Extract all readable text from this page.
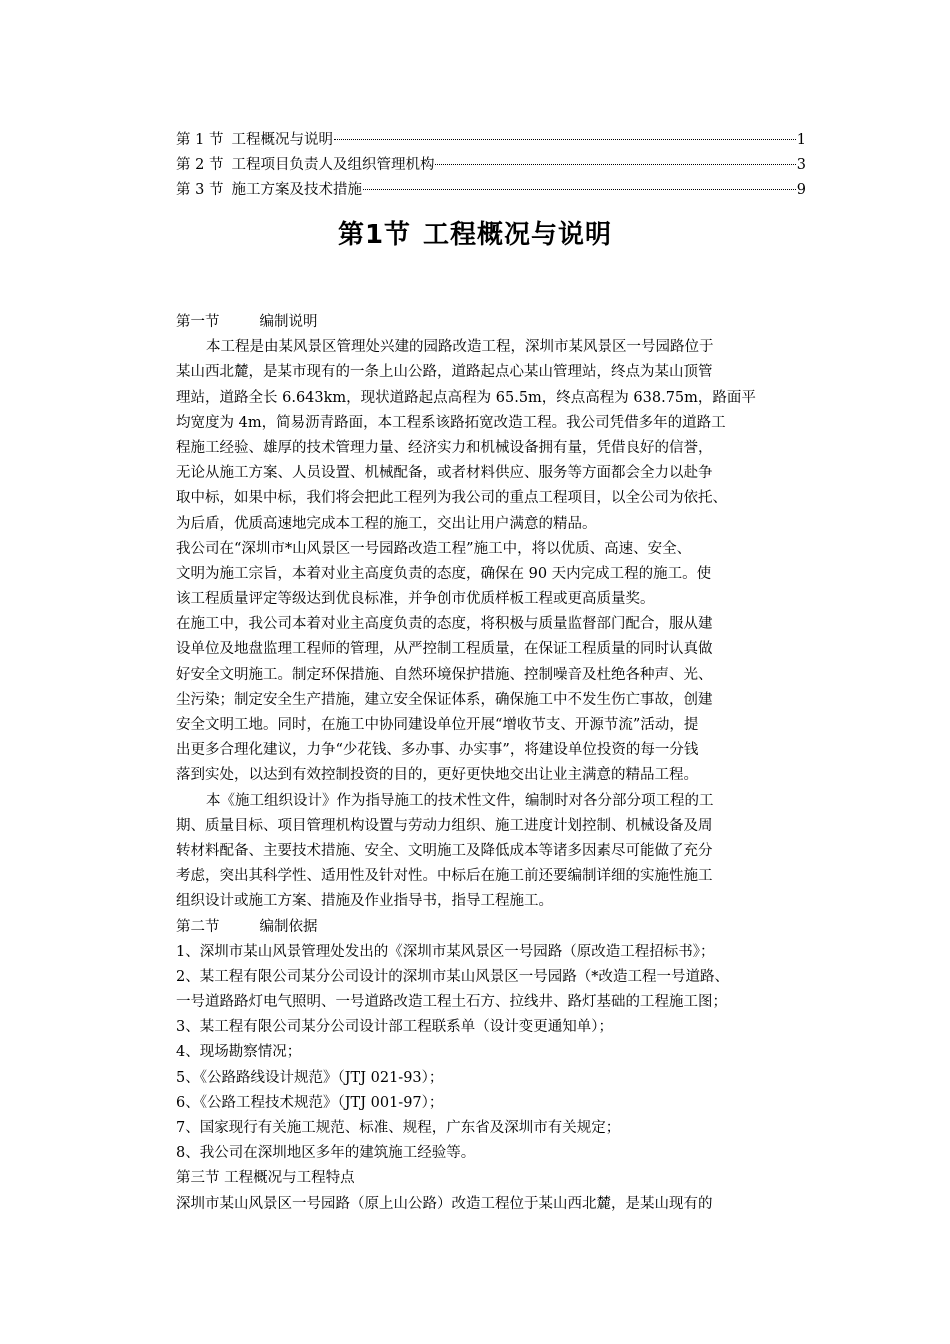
第 1 节 工程概况与说明	1
第 2 节 工程项目负责人及组织管理机构	3
第 3 节 施工方案及技术措施	9
第1节 工程概况与说明
第一节	编制说明
本工程是由某风景区管理处兴建的园路改造工程，深圳市某风景区一号园路位于
某山西北麓，是某市现有的一条上山公路，道路起点心某山管理站，终点为某山顶管
理站，道路全长 6.643km，现状道路起点高程为 65.5m，终点高程为 638.75m，路面平
均宽度为 4m，简易沥青路面，本工程系该路拓宽改造工程。我公司凭借多年的道路工
程施工经验、雄厚的技术管理力量、经济实力和机械设备拥有量，凭借良好的信誉，
无论从施工方案、人员设置、机械配备，或者材料供应、服务等方面都会全力以赴争
取中标，如果中标，我们将会把此工程列为我公司的重点工程项目，以全公司为依托、
为后盾，优质高速地完成本工程的施工，交出让用户满意的精品。
我公司在“深圳市*山风景区一号园路改造工程”施工中，将以优质、高速、安全、
文明为施工宗旨，本着对业主高度负责的态度，确保在 90 天内完成工程的施工。使
该工程质量评定等级达到优良标准，并争创市优质样板工程或更高质量奖。
在施工中，我公司本着对业主高度负责的态度，将积极与质量监督部门配合，服从建
设单位及地盘监理工程师的管理，从严控制工程质量，在保证工程质量的同时认真做
好安全文明施工。制定环保措施、自然环境保护措施、控制噪音及杜绝各种声、光、
尘污染；制定安全生产措施，建立安全保证体系，确保施工中不发生伤亡事故，创建
安全文明工地。同时，在施工中协同建设单位开展“增收节支、开源节流”活动，提
出更多合理化建议，力争“少花钱、多办事、办实事”，将建设单位投资的每一分钱
落到实处，以达到有效控制投资的目的，更好更快地交出让业主满意的精品工程。
本《施工组织设计》作为指导施工的技术性文件，编制时对各分部分项工程的工
期、质量目标、项目管理机构设置与劳动力组织、施工进度计划控制、机械设备及周
转材料配备、主要技术措施、安全、文明施工及降低成本等诸多因素尽可能做了充分
考虑，突出其科学性、适用性及针对性。中标后在施工前还要编制详细的实施性施工
组织设计或施工方案、措施及作业指导书，指导工程施工。
第二节	编制依据
1、深圳市某山风景管理处发出的《深圳市某风景区一号园路（原改造工程招标书》；
2、某工程有限公司某分公司设计的深圳市某山风景区一号园路（*改造工程一号道路、
一号道路路灯电气照明、一号道路改造工程土石方、拉线井、路灯基础的工程施工图；
3、某工程有限公司某分公司设计部工程联系单（设计变更通知单）；
4、现场勘察情况；
5、《公路路线设计规范》（JTJ 021-93）；
6、《公路工程技术规范》（JTJ 001-97）；
7、国家现行有关施工规范、标准、规程，广东省及深圳市有关规定；
8、我公司在深圳地区多年的建筑施工经验等。
第三节 工程概况与工程特点
深圳市某山风景区一号园路（原上山公路）改造工程位于某山西北麓，是某山现有的
